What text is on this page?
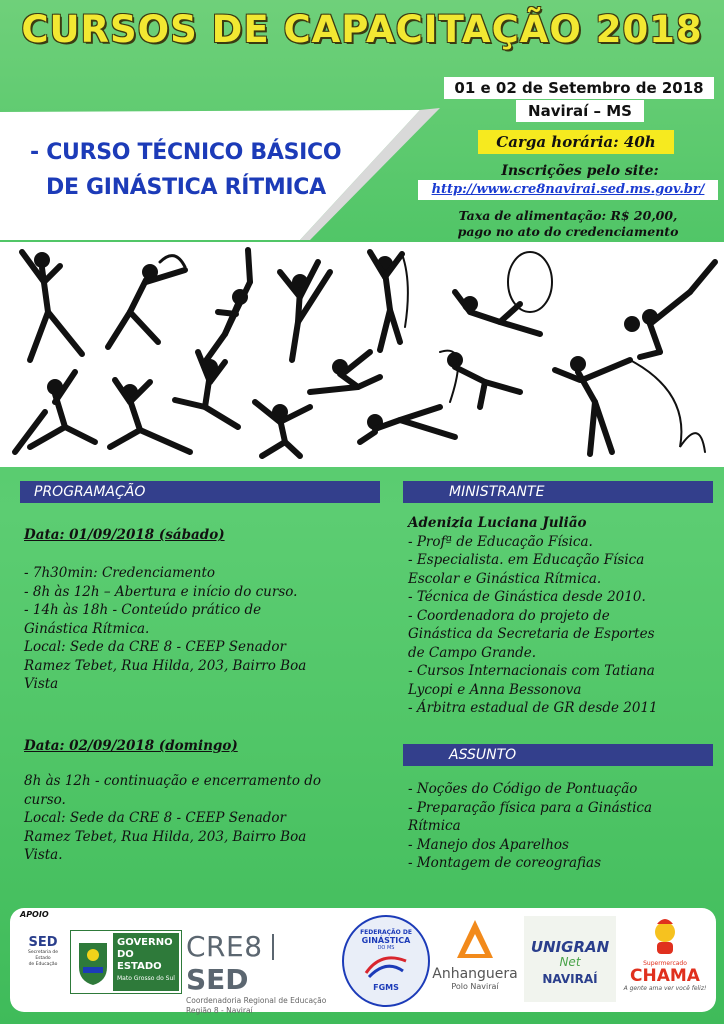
CURSOS DE CAPACITAÇÃO 2018
- CURSO TÉCNICO BÁSICO
DE GINÁSTICA RÍTMICA
01 e 02 de Setembro de 2018
Naviraí – MS
Carga horária: 40h
Inscrições pelo site:
http://www.cre8navirai.sed.ms.gov.br/
Taxa de alimentação: R$ 20,00,
pago no ato do credenciamento
PROGRAMAÇÃO
Data: 01/09/2018 (sábado)
- 7h30min: Credenciamento
- 8h às 12h – Abertura e início do curso.
- 14h às 18h - Conteúdo prático de
Ginástica Rítmica.
Local: Sede da CRE 8 - CEEP Senador
Ramez Tebet, Rua Hilda, 203, Bairro Boa
Vista
Data: 02/09/2018 (domingo)
8h às 12h - continuação e encerramento do
curso.
Local: Sede da CRE 8 - CEEP Senador
Ramez Tebet, Rua Hilda, 203, Bairro Boa
Vista.
MINISTRANTE
Adenizia Luciana Julião
- Profª de Educação Física.
- Especialista. em Educação Física
Escolar e Ginástica Rítmica.
- Técnica de Ginástica desde 2010.
- Coordenadora do projeto de
Ginástica da Secretaria de Esportes
de Campo Grande.
- Cursos Internacionais com Tatiana
Lycopi e Anna Bessonova
- Árbitra estadual de GR desde 2011
ASSUNTO
- Noções do Código de Pontuação
- Preparação física para a Ginástica
Rítmica
- Manejo dos Aparelhos
- Montagem de coreografias
APOIO
SED
Secretaria de Estado
de Educação
GOVERNO
DO ESTADO
Mato Grosso do Sul
CRE8  SED
Coordenadoria Regional de Educação
Região 8 - Naviraí
FEDERAÇÃO DE
GINÁSTICA
DO MS
FGMS
Anhanguera
Polo Naviraí
UNIGRAN
Net
NAVIRAÍ
Supermercado
CHAMA
A gente ama ver você feliz!
